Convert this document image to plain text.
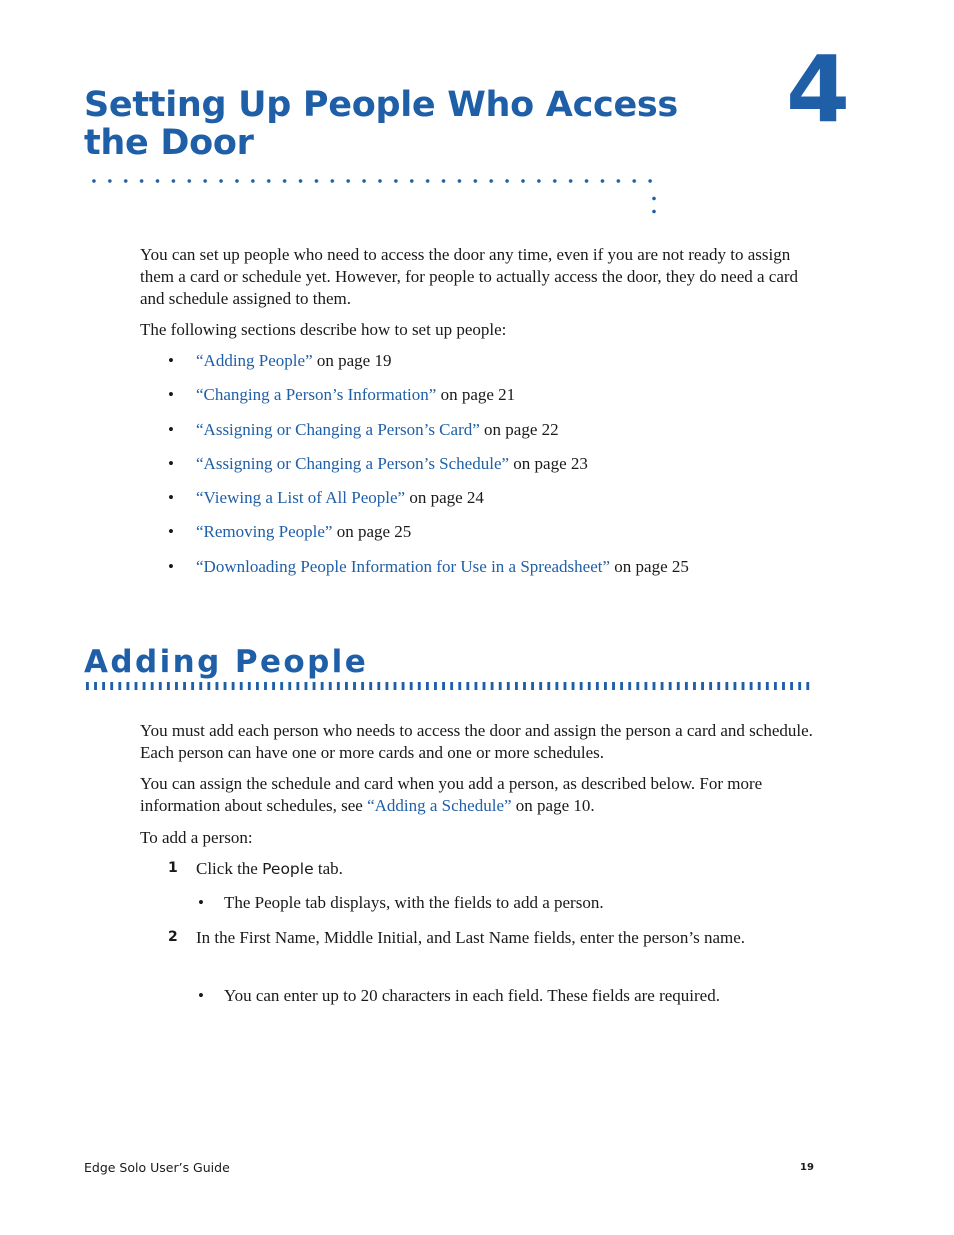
Setting Up People Who Access the Door	4

You can set up people who need to access the door any time, even if you are not ready to assign them a card or schedule yet. However, for people to actually access the door, they do need a card and schedule assigned to them.

The following sections describe how to set up people:

• “Adding People” on page 19
• “Changing a Person’s Information” on page 21
• “Assigning or Changing a Person’s Card” on page 22
• “Assigning or Changing a Person’s Schedule” on page 23
• “Viewing a List of All People” on page 24
• “Removing People” on page 25
• “Downloading People Information for Use in a Spreadsheet” on page 25
Adding People

You must add each person who needs to access the door and assign the person a card and schedule. Each person can have one or more cards and one or more schedules.

You can assign the schedule and card when you add a person, as described below. For more information about schedules, see “Adding a Schedule” on page 10.

To add a person:
1 Click the People tab.
• The People tab displays, with the fields to add a person.
2 In the First Name, Middle Initial, and Last Name fields, enter the person’s name.
• You can enter up to 20 characters in each field. These fields are required.
Edge Solo User’s Guide	19
